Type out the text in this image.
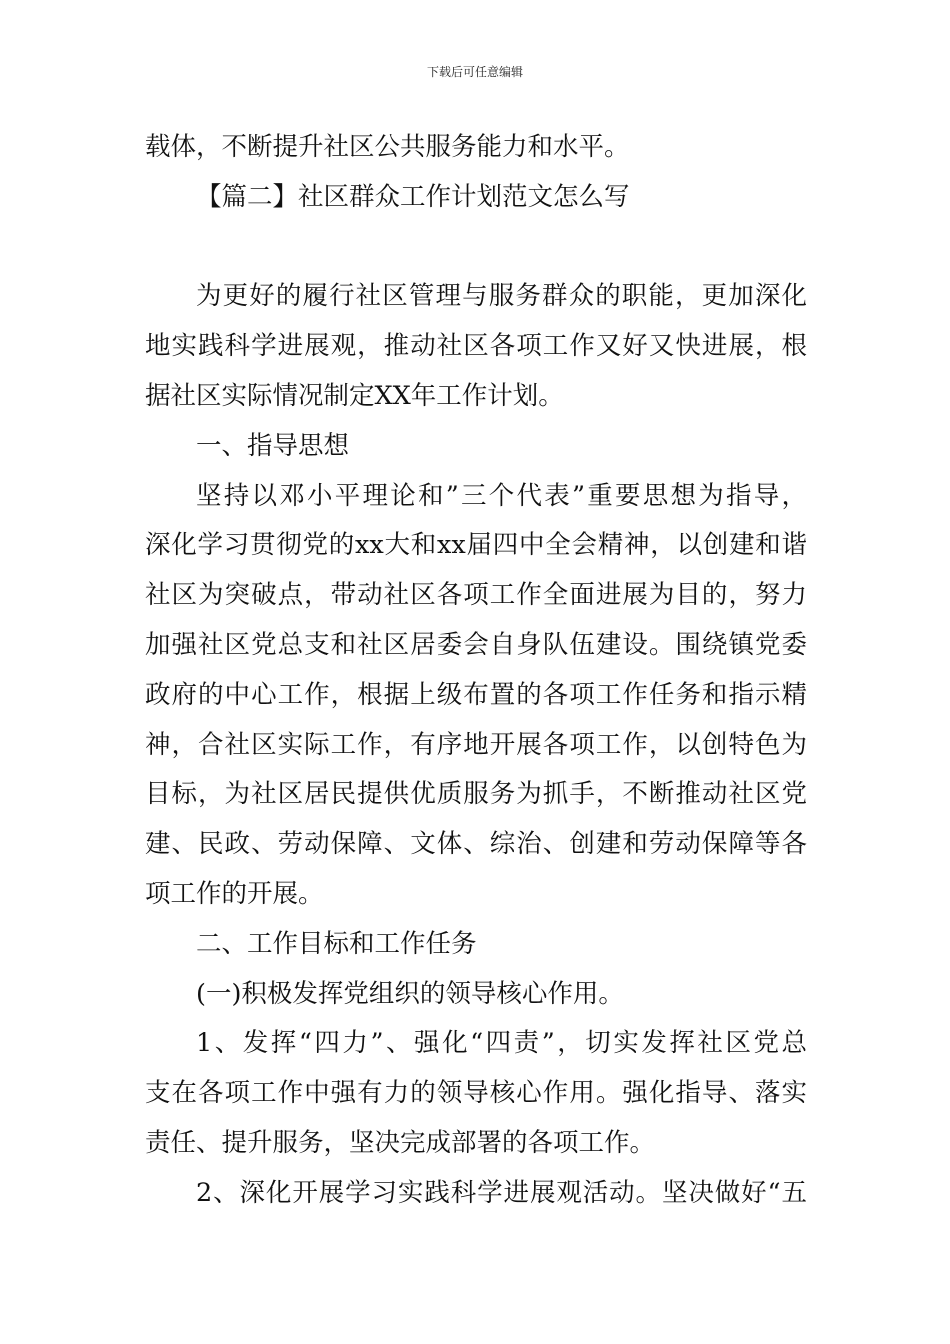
下载后可任意编辑
载体，不断提升社区公共服务能力和水平。
【篇二】社区群众工作计划范文怎么写
为更好的履行社区管理与服务群众的职能，更加深化
地实践科学进展观，推动社区各项工作又好又快进展，根
据社区实际情况制定XX年工作计划。
一、指导思想
坚持以邓小平理论和”三个代表”重要思想为指导，
深化学习贯彻党的xx大和xx届四中全会精神，以创建和谐
社区为突破点，带动社区各项工作全面进展为目的，努力
加强社区党总支和社区居委会自身队伍建设。围绕镇党委
政府的中心工作，根据上级布置的各项工作任务和指示精
神，合社区实际工作，有序地开展各项工作，以创特色为
目标，为社区居民提供优质服务为抓手，不断推动社区党
建、民政、劳动保障、文体、综治、创建和劳动保障等各
项工作的开展。
二、工作目标和工作任务
(一)积极发挥党组织的领导核心作用。
1、发挥“四力”、强化“四责”，切实发挥社区党总
支在各项工作中强有力的领导核心作用。强化指导、落实
责任、提升服务，坚决完成部署的各项工作。
2、深化开展学习实践科学进展观活动。坚决做好“五
